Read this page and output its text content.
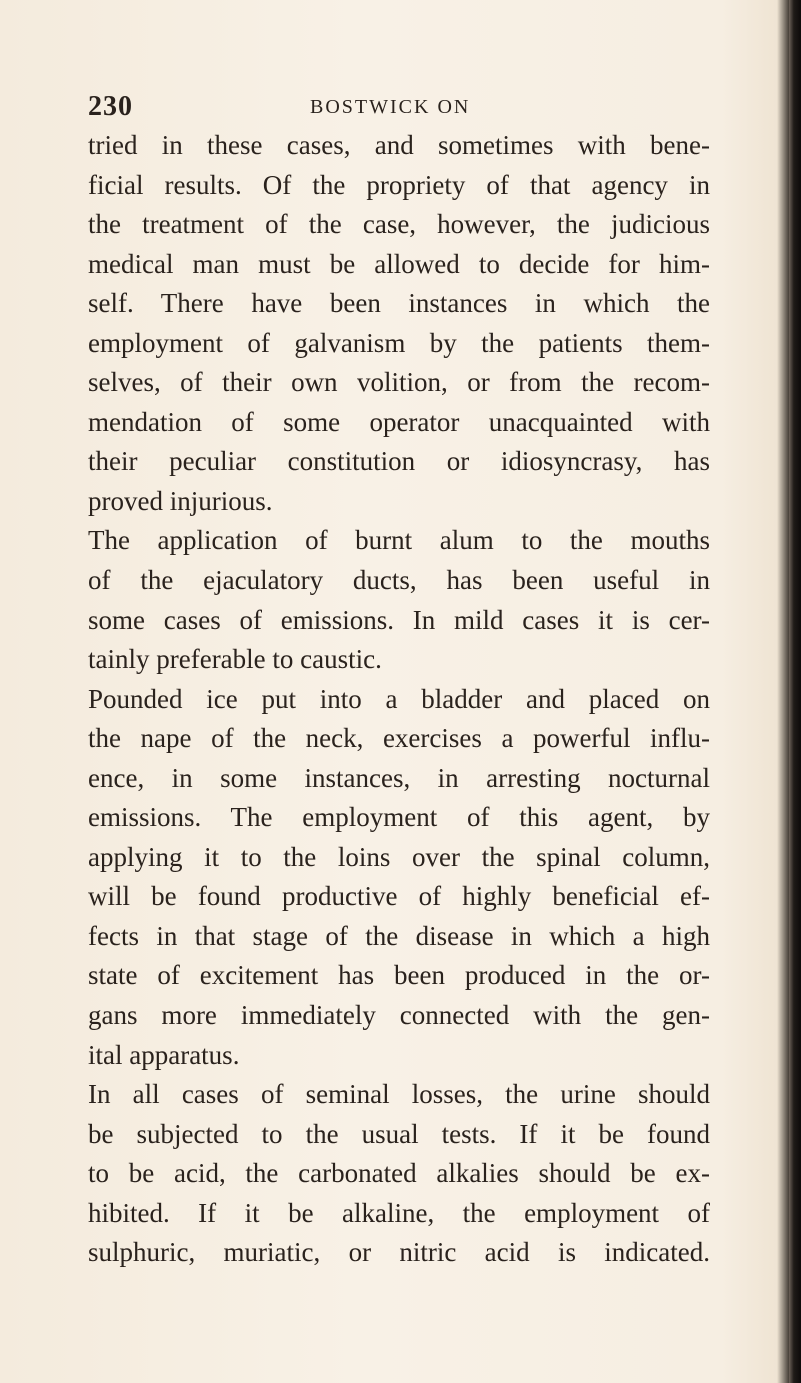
230	BOSTWICK ON
tried in these cases, and sometimes with bene-
ficial results. Of the propriety of that agency in
the treatment of the case, however, the judicious
medical man must be allowed to decide for him-
self. There have been instances in which the
employment of galvanism by the patients them-
selves, of their own volition, or from the recom-
mendation of some operator unacquainted with
their peculiar constitution or idiosyncrasy, has
proved injurious.
The application of burnt alum to the mouths
of the ejaculatory ducts, has been useful in
some cases of emissions. In mild cases it is cer-
tainly preferable to caustic.
Pounded ice put into a bladder and placed on
the nape of the neck, exercises a powerful influ-
ence, in some instances, in arresting nocturnal
emissions. The employment of this agent, by
applying it to the loins over the spinal column,
will be found productive of highly beneficial ef-
fects in that stage of the disease in which a high
state of excitement has been produced in the or-
gans more immediately connected with the gen-
ital apparatus.
In all cases of seminal losses, the urine should
be subjected to the usual tests. If it be found
to be acid, the carbonated alkalies should be ex-
hibited. If it be alkaline, the employment of
sulphuric, muriatic, or nitric acid is indicated.
